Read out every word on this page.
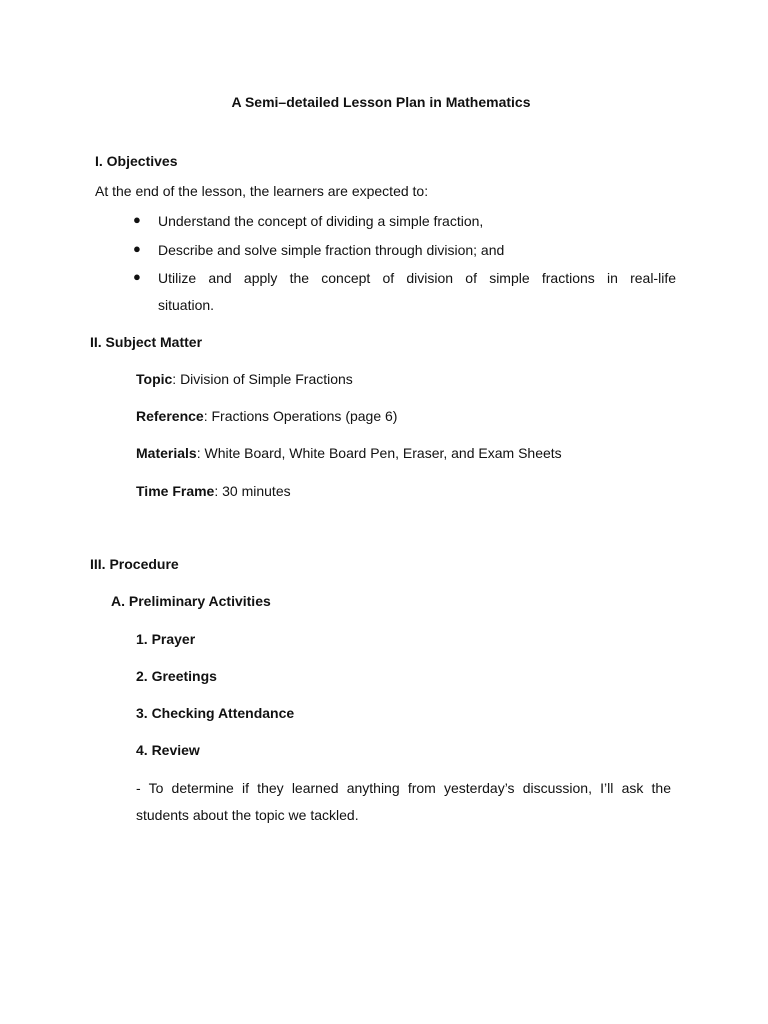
A Semi–detailed Lesson Plan in Mathematics
I. Objectives
At the end of the lesson, the learners are expected to:
● Understand the concept of dividing a simple fraction,
● Describe and solve simple fraction through division; and
● Utilize and apply the concept of division of simple fractions in real-life
situation.
II. Subject Matter
Topic: Division of Simple Fractions
Reference: Fractions Operations (page 6)
Materials: White Board, White Board Pen, Eraser, and Exam Sheets
Time Frame: 30 minutes
III. Procedure
A. Preliminary Activities
1. Prayer
2. Greetings
3. Checking Attendance
4. Review
- To determine if they learned anything from yesterday’s discussion, I’ll ask the
students about the topic we tackled.
